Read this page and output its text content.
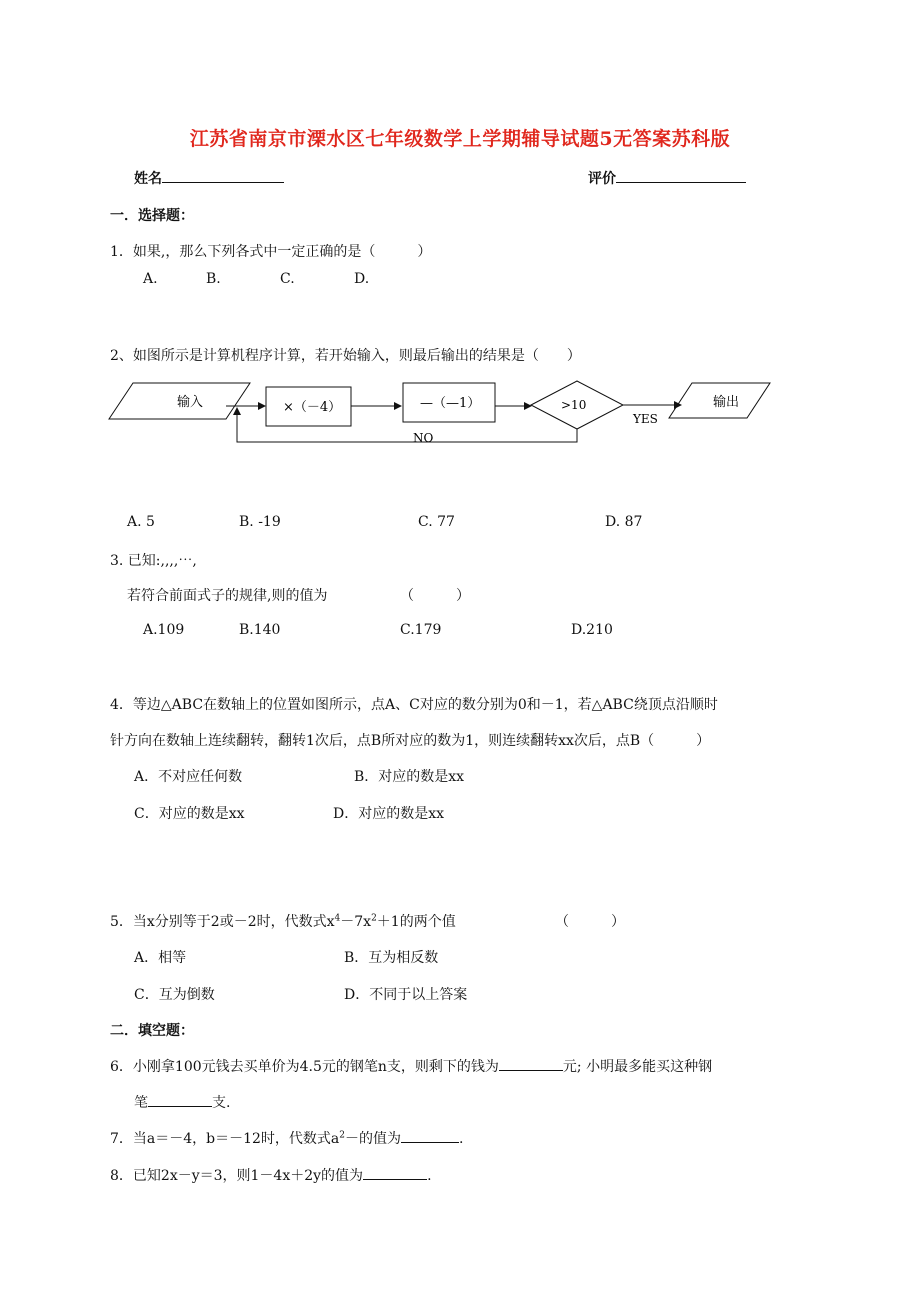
江苏省南京市溧水区七年级数学上学期辅导试题5无答案苏科版
姓名	评价
一．选择题：
1．如果,，那么下列各式中一定正确的是（　　　）
A.	B.	C.	D.
2、如图所示是计算机程序计算，若开始输入，则最后输出的结果是（　　）
输入	×（－4）	—（—1）	>10
YES
输出
NO
A. 5	B. -19	C. 77	D. 87
3. 已知:,,,,⋯,
若符合前面式子的规律,则的值为	（　　　）
A.109	B.140	C.179	D.210
4．等边△ABC在数轴上的位置如图所示，点A、C对应的数分别为0和－1，若△ABC绕顶点沿顺时
针方向在数轴上连续翻转，翻转1次后，点B所对应的数为1，则连续翻转xx次后，点B（　　　）
A．不对应任何数	B．对应的数是xx
C．对应的数是xx	D．对应的数是xx
5．当x分别等于2或－2时，代数式$x^4-7x^2+1$的两个值	（　　　）
A．相等	B．互为相反数
C．互为倒数	D．不同于以上答案
二．填空题：
6．小刚拿100元钱去买单价为4.5元的钢笔n支，则剩下的钱为	元; 小明最多能买这种钢
笔	支.
7．当a＝－4，b＝－12时，代数式$a^2-$的值为	.
8．已知2x－y＝3，则1－4x＋2y的值为	.
